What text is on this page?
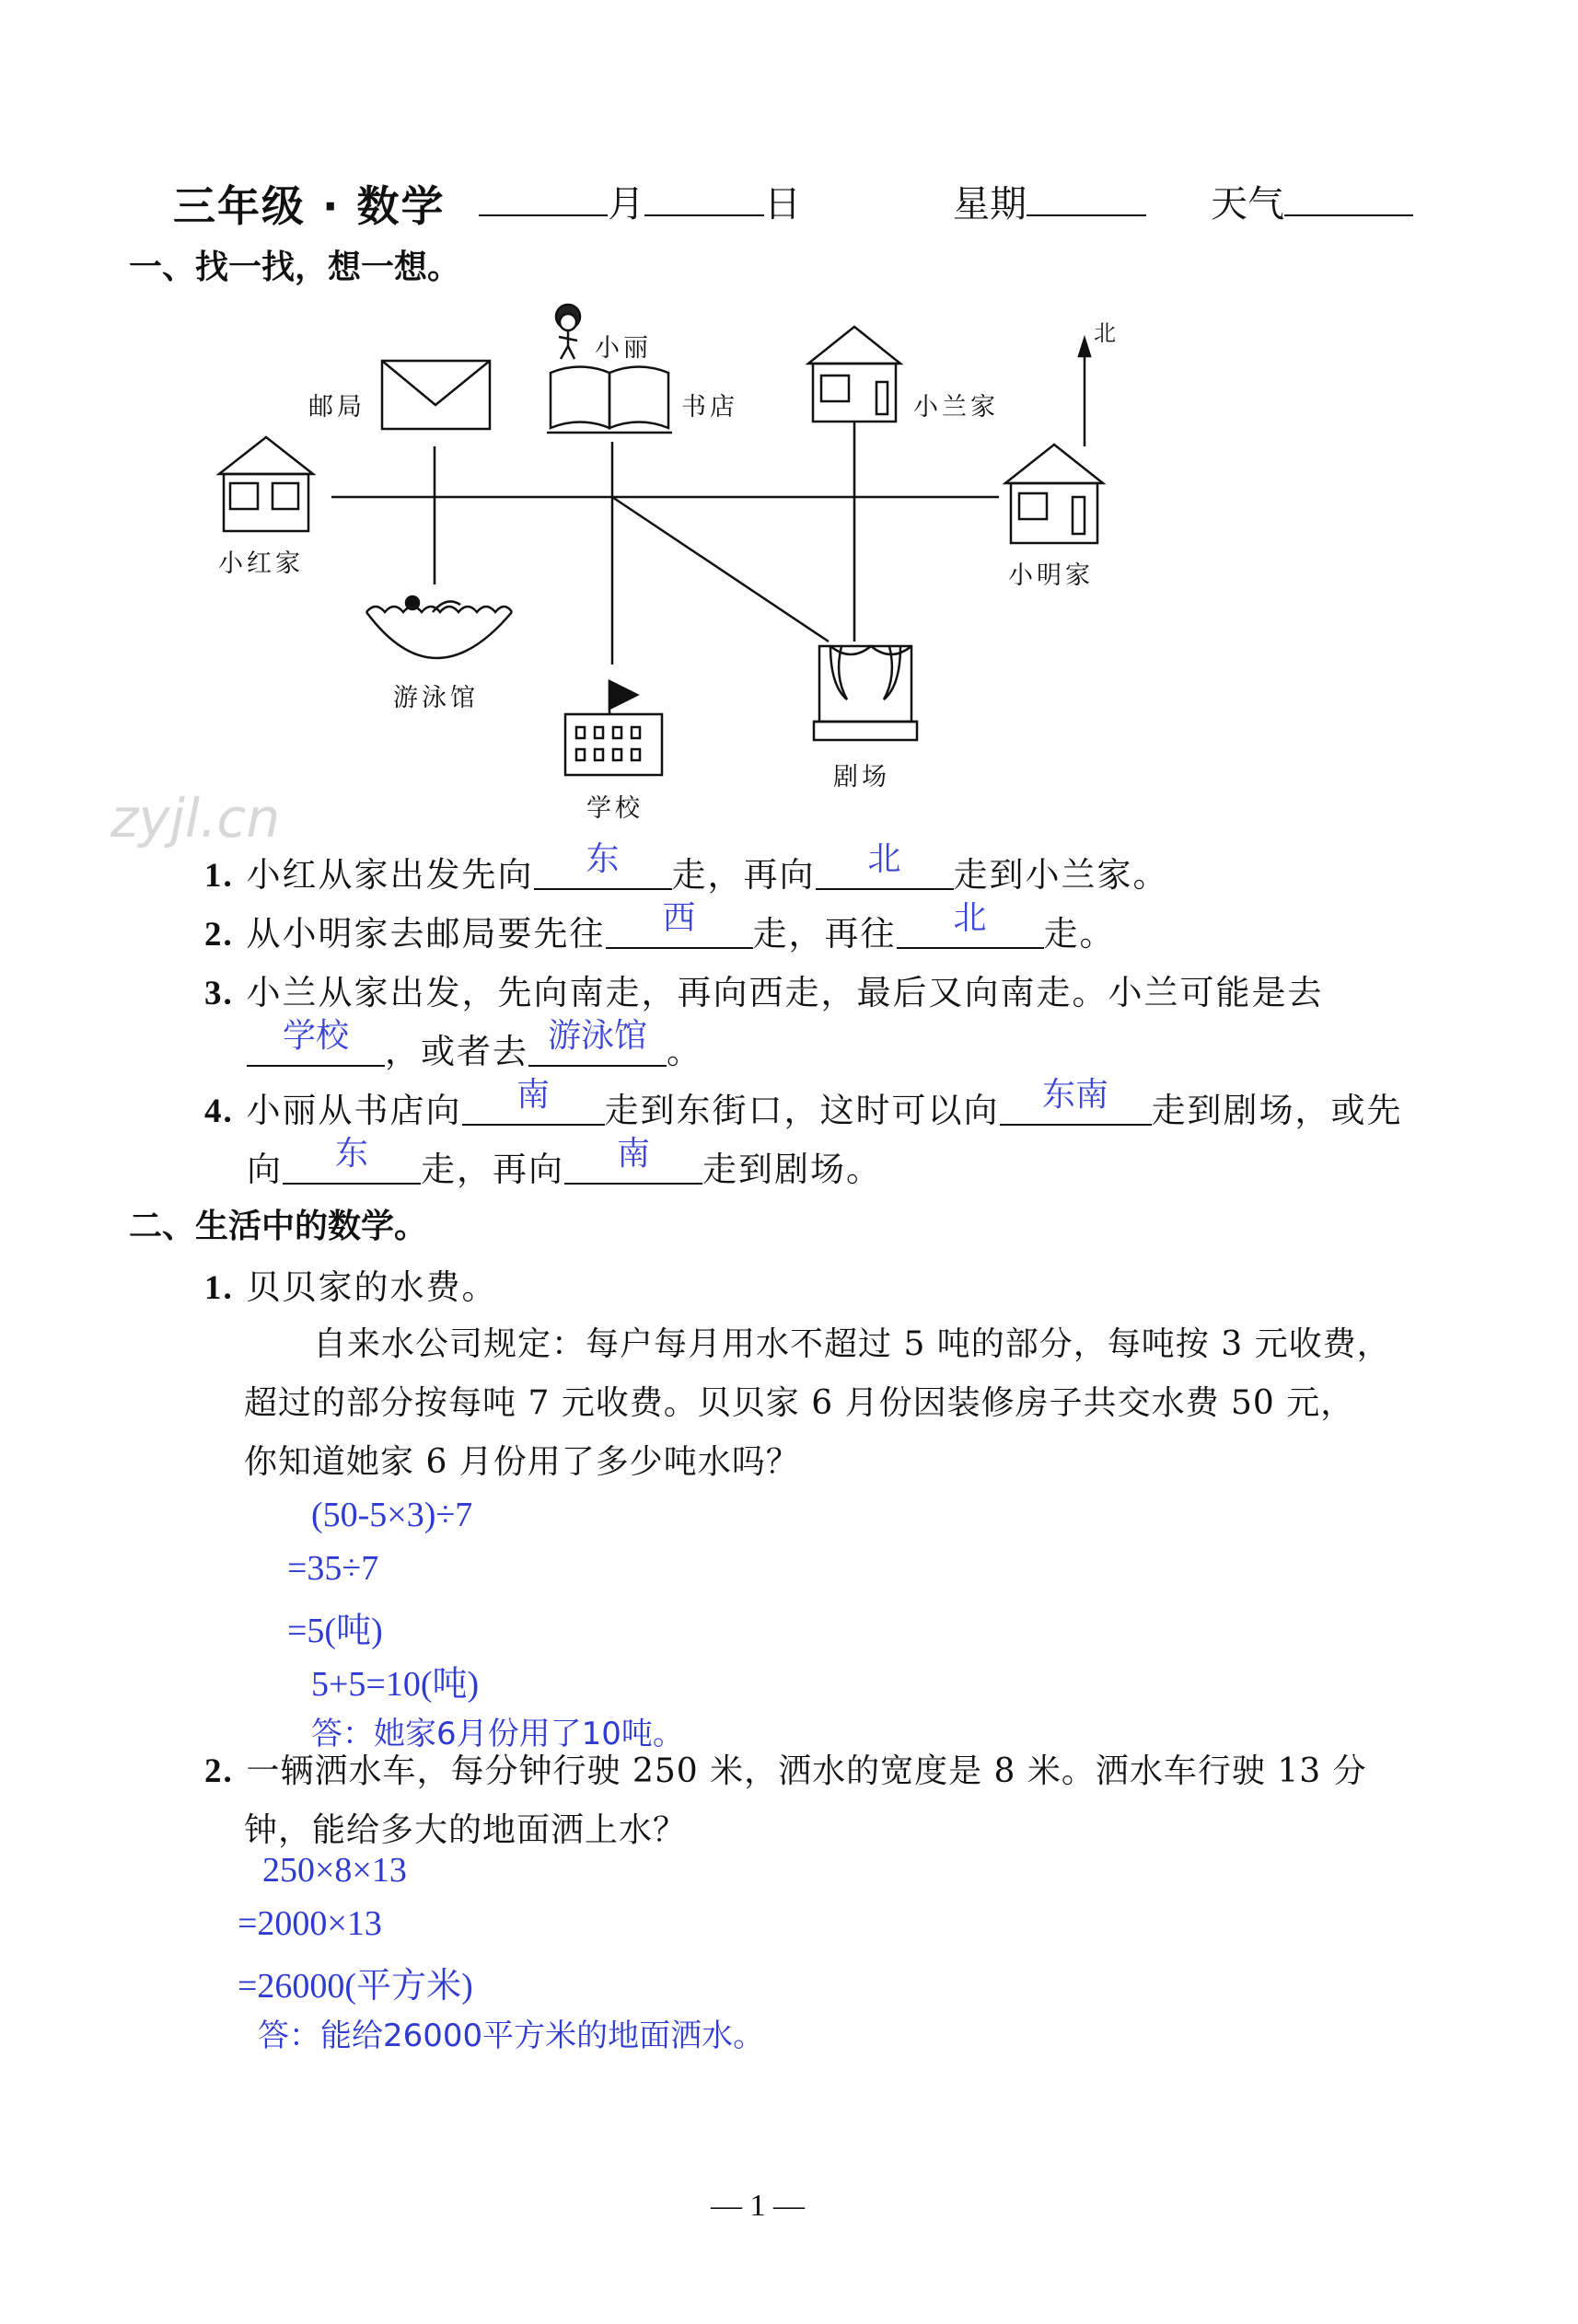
三年级 · 数学	月	日	星期	天气
一、找一找，想一想。
北
邮局
小丽
书店	小兰家
小红家	小明家
游泳馆
学校
剧场
zyjl.cn
1. 小红从家出发先向	东	走，再向	北	走到小兰家。
2. 从小明家去邮局要先往	西	走，再往	北	走。
3. 小兰从家出发，先向南走，再向西走，最后又向南走。小兰可能是去
学校	，或者去 游泳馆 。
4. 小丽从书店向	南	走到东街口，这时可以向	东南	走到剧场，或先
向	东	走，再向	南	走到剧场。
二、生活中的数学。
1. 贝贝家的水费。
自来水公司规定：每户每月用水不超过 5 吨的部分，每吨按 3 元收费，
超过的部分按每吨 7 元收费。贝贝家 6 月份因装修房子共交水费 50 元，
你知道她家 6 月份用了多少吨水吗？
(50-5×3)÷7
=35÷7
=5(吨)
5+5=10(吨)
答：她家6月份用了10吨。
2. 一辆洒水车，每分钟行驶 250 米，洒水的宽度是 8 米。洒水车行驶 13 分
钟，能给多大的地面洒上水？
250×8×13
=2000×13
=26000(平方米)
答：能给26000平方米的地面洒水。
— 1 —
